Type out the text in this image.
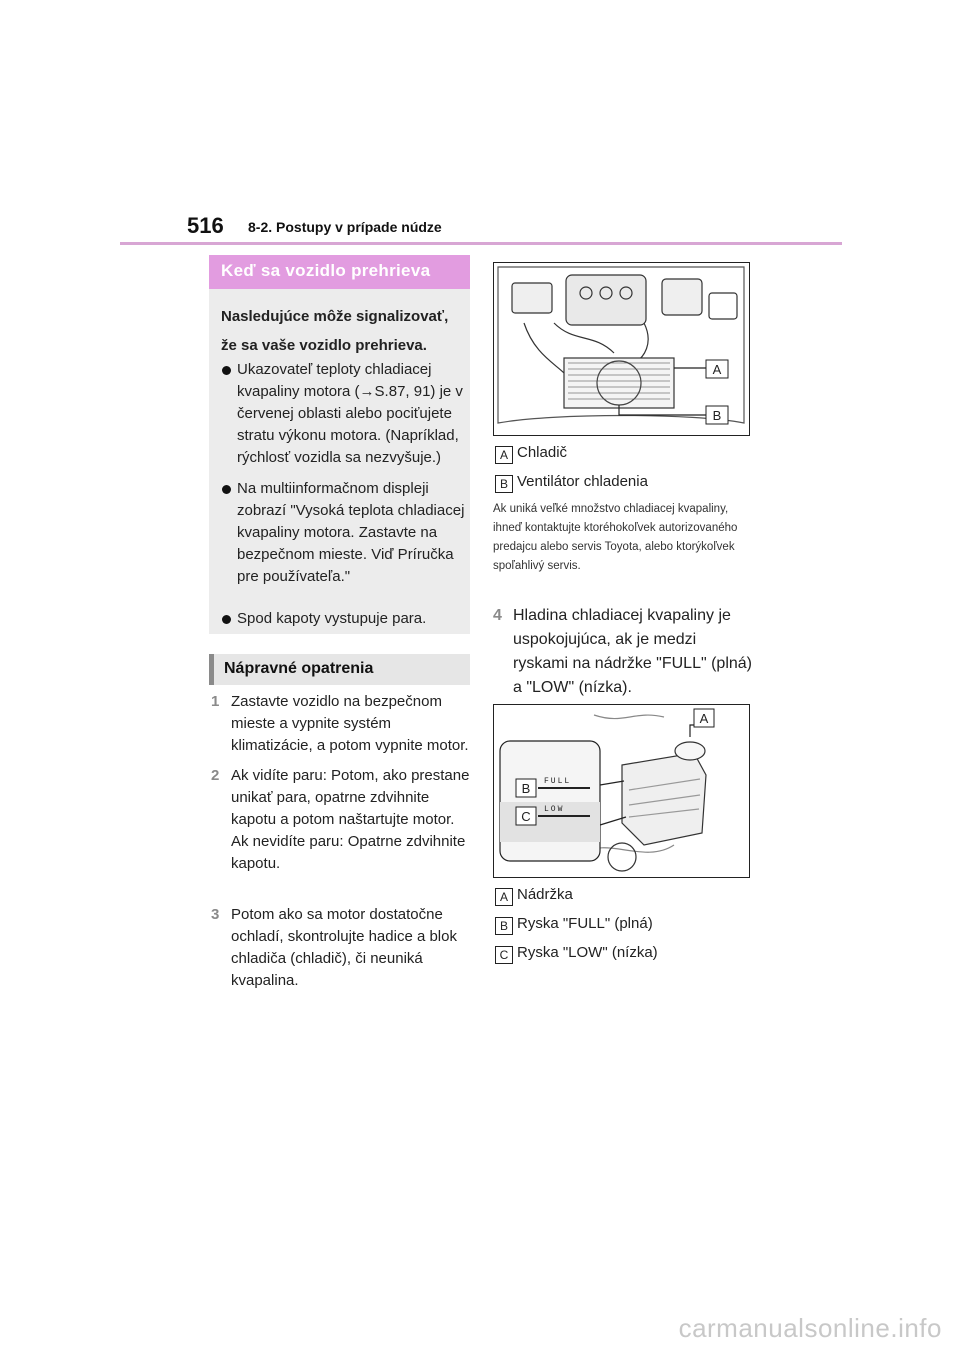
516 8-2. Postupy v prípade núdze
Keď sa vozidlo prehrieva
Nasledujúce môže signalizovať, že sa vaše vozidlo prehrieva.
Ukazovateľ teploty chladiacej kvapaliny motora (→S.87, 91) je v červenej oblasti alebo pociťujete stratu výkonu motora. (Napríklad, rýchlosť vozidla sa nezvyšuje.)
Na multiinformačnom displeji zobrazí "Vysoká teplota chladiacej kvapaliny motora. Zastavte na bezpečnom mieste. Viď Príručka pre používateľa."
Spod kapoty vystupuje para.
Nápravné opatrenia
1 Zastavte vozidlo na bezpečnom mieste a vypnite systém klimatizácie, a potom vypnite motor.
2 Ak vidíte paru: Potom, ako prestane unikať para, opatrne zdvihnite kapotu a potom naštartujte motor.
Ak nevidíte paru: Opatrne zdvihnite kapotu.
3 Potom ako sa motor dostatočne ochladí, skontrolujte hadice a blok chladiča (chladič), či neuniká kvapalina.
A
B
A Chladič
B Ventilátor chladenia
Ak uniká veľké množstvo chladiacej kvapaliny, ihneď kontaktujte ktoréhokoľvek autorizovaného predajcu alebo servis Toyota, alebo ktorýkoľvek spoľahlivý servis.
4 Hladina chladiacej kvapaliny je uspokojujúca, ak je medzi ryskami na nádržke "FULL" (plná) a "LOW" (nízka).
FULL
LOW
A
B
C
A Nádržka
B Ryska "FULL" (plná)
C Ryska "LOW" (nízka)
carmanualsonline.info
